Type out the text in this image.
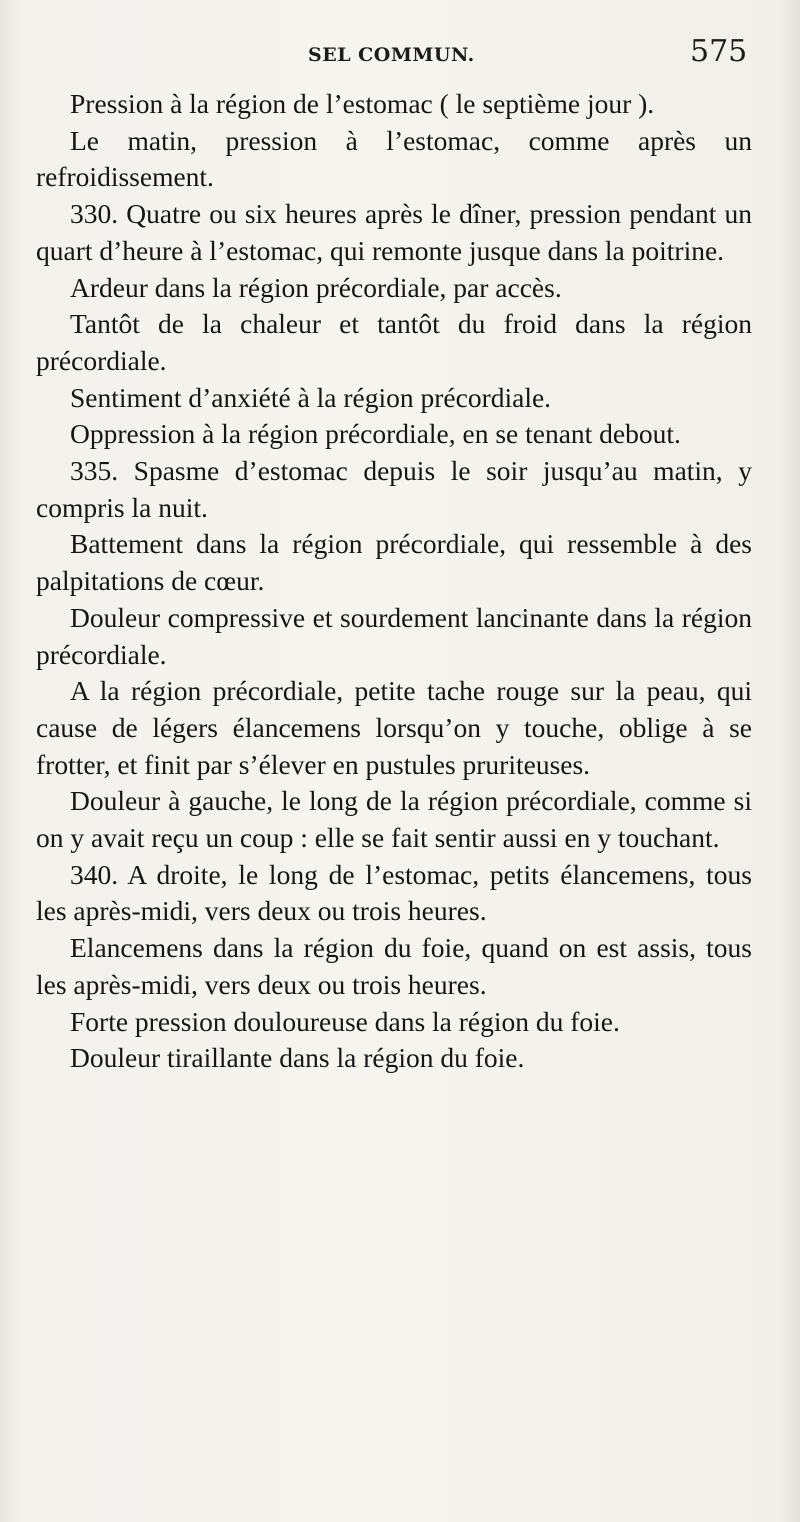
SEL COMMUN.	575

Pression à la région de l’estomac ( le septième jour ).

Le matin, pression à l’estomac, comme après un refroidissement.

330. Quatre ou six heures après le dîner, pression pendant un quart d’heure à l’estomac, qui remonte jusque dans la poitrine.

Ardeur dans la région précordiale, par accès.

Tantôt de la chaleur et tantôt du froid dans la région précordiale.

Sentiment d’anxiété à la région précordiale.

Oppression à la région précordiale, en se tenant debout.

335. Spasme d’estomac depuis le soir jusqu’au matin, y compris la nuit.

Battement dans la région précordiale, qui ressemble à des palpitations de cœur.

Douleur compressive et sourdement lancinante dans la région précordiale.

A la région précordiale, petite tache rouge sur la peau, qui cause de légers élancemens lorsqu’on y touche, oblige à se frotter, et finit par s’élever en pustules pruriteuses.

Douleur à gauche, le long de la région précordiale, comme si on y avait reçu un coup : elle se fait sentir aussi en y touchant.

340. A droite, le long de l’estomac, petits élancemens, tous les après-midi, vers deux ou trois heures.

Elancemens dans la région du foie, quand on est assis, tous les après-midi, vers deux ou trois heures.

Forte pression douloureuse dans la région du foie.

Douleur tiraillante dans la région du foie.
